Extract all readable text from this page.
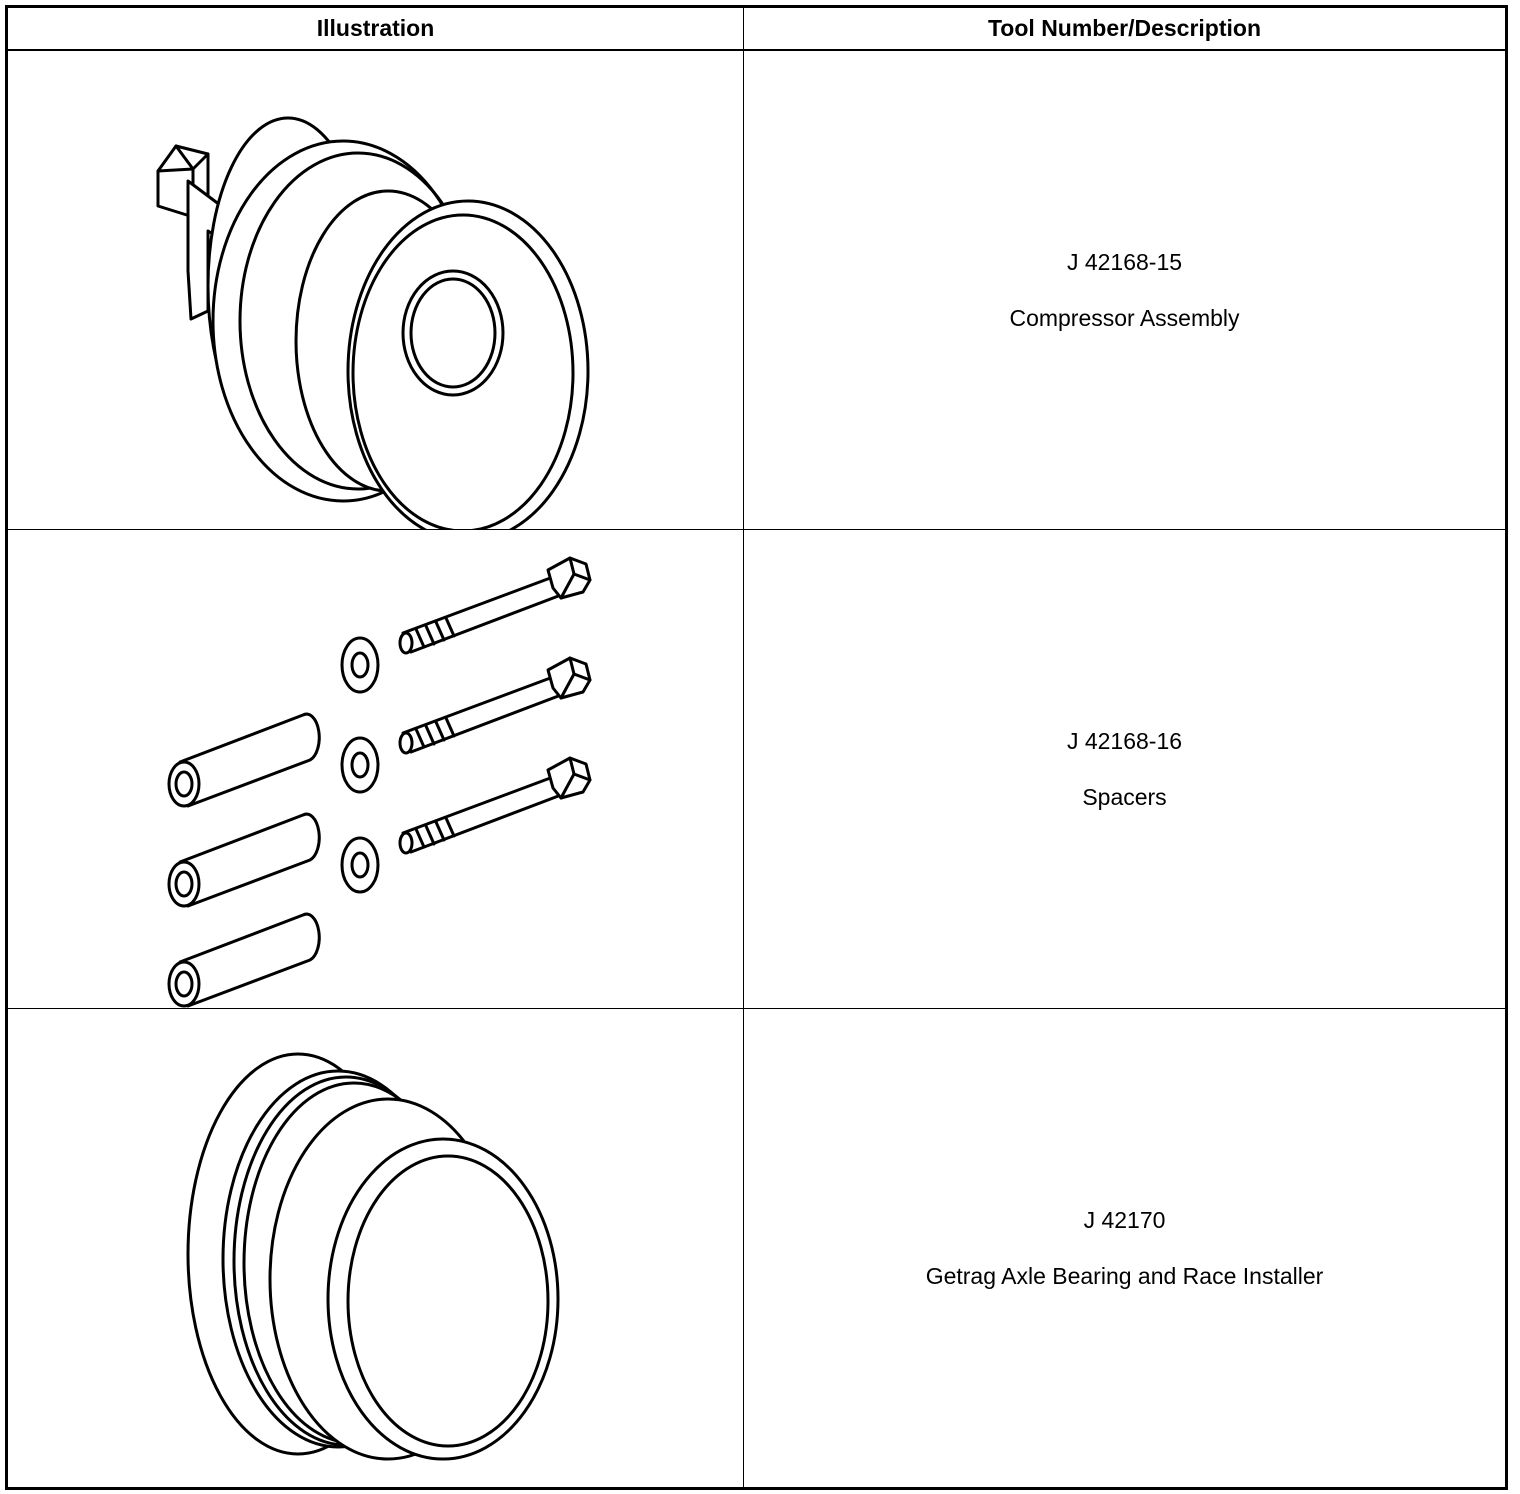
Illustration	Tool Number/Description

J 42168-15
Compressor Assembly

J 42168-16
Spacers

J 42170
Getrag Axle Bearing and Race Installer
